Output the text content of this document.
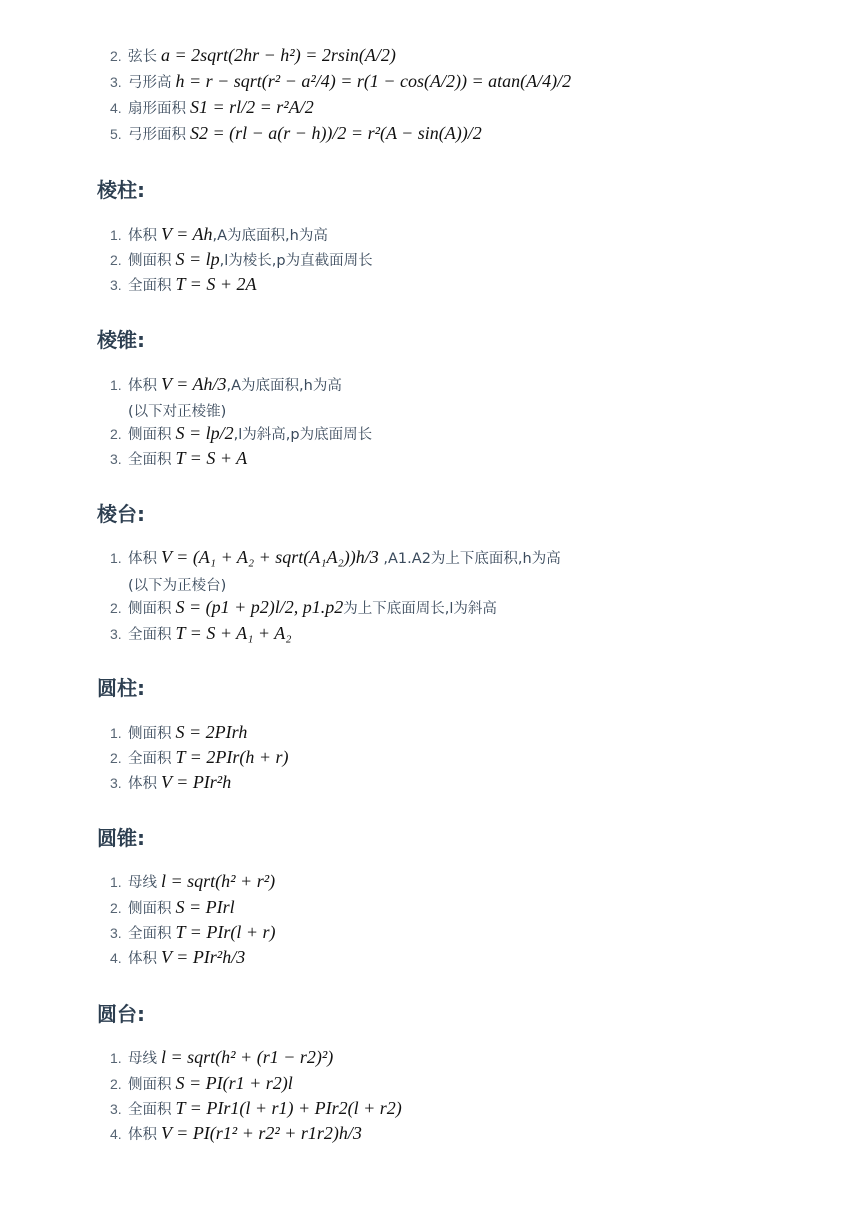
2. 弦长 a = 2sqrt(2hr − h²) = 2rsin(A/2)
3. 弓形高 h = r − sqrt(r² − a²/4) = r(1 − cos(A/2)) = atan(A/4)/2
4. 扇形面积 S1 = rl/2 = r²A/2
5. 弓形面积 S2 = (rl − a(r − h))/2 = r²(A − sin(A))/2
棱柱:
1. 体积 V = Ah,A为底面积,h为高
2. 侧面积 S = lp,l为棱长,p为直截面周长
3. 全面积 T = S + 2A
棱锥:
1. 体积 V = Ah/3,A为底面积,h为高
(以下对正棱锥)
2. 侧面积 S = lp/2,l为斜高,p为底面周长
3. 全面积 T = S + A
棱台:
1. 体积 V = (A₁ + A₂ + sqrt(A₁A₂))h/3 ,A1.A2为上下底面积,h为高
(以下为正棱台)
2. 侧面积 S = (p1 + p2)l/2, p1.p2为上下底面周长,l为斜高
3. 全面积 T = S + A₁ + A₂
圆柱:
1. 侧面积 S = 2PIrh
2. 全面积 T = 2PIr(h + r)
3. 体积 V = PIr²h
圆锥:
1. 母线 l = sqrt(h² + r²)
2. 侧面积 S = PIrl
3. 全面积 T = PIr(l + r)
4. 体积 V = PIr²h/3
圆台:
1. 母线 l = sqrt(h² + (r1 − r2)²)
2. 侧面积 S = PI(r1 + r2)l
3. 全面积 T = PIr1(l + r1) + PIr2(l + r2)
4. 体积 V = PI(r1² + r2² + r1r2)h/3
